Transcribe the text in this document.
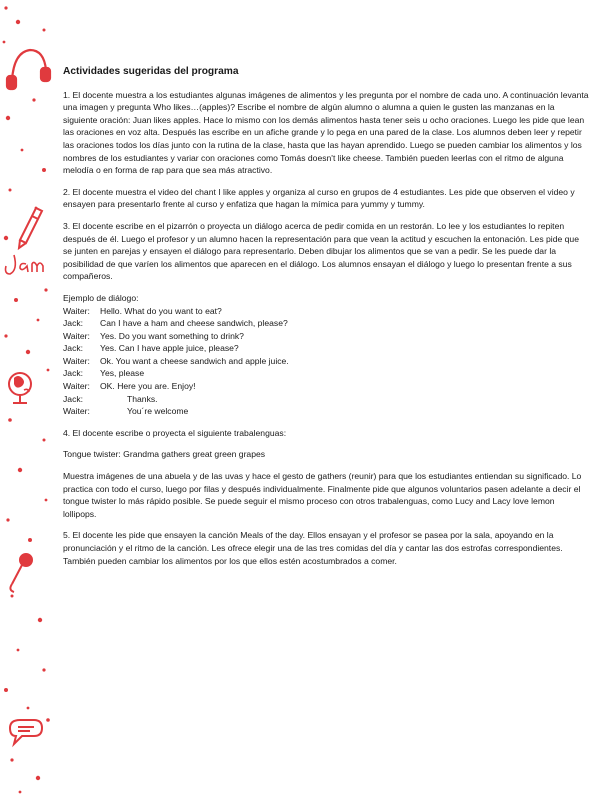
Actividades sugeridas del programa

1. El docente muestra a los estudiantes algunas imágenes de alimentos y les pregunta por el nombre de cada uno. A continuación levanta una imagen y pregunta Who likes…(apples)? Escribe el nombre de algún alumno o alumna a quien le gusten las manzanas en la siguiente oración: Juan likes apples. Hace lo mismo con los demás alimentos hasta tener seis u ocho oraciones. Luego les pide que lean las oraciones en voz alta. Después las escribe en un afiche grande y lo pega en una pared de la clase. Los alumnos deben leer y repetir las oraciones todos los días junto con la rutina de la clase, hasta que las hayan aprendido. Luego se pueden cambiar los alimentos y los nombres de los estudiantes y variar con oraciones como Tomás doesn't like cheese. También pueden leerlas con el ritmo de alguna melodía o en forma de rap para que sea más atractivo.

2. El docente muestra el video del chant I like apples y organiza al curso en grupos de 4 estudiantes. Les pide que observen el video y ensayen para presentarlo frente al curso y enfatiza que hagan la mímica para yummy y tummy.

3. El docente escribe en el pizarrón o proyecta un diálogo acerca de pedir comida en un restorán. Lo lee y los estudiantes lo repiten después de él. Luego el profesor y un alumno hacen la representación para que vean la actitud y escuchen la entonación. Les pide que se junten en parejas y ensayen el diálogo para representarlo. Deben dibujar los alimentos que se van a pedir. Se les puede dar la posibilidad de que varíen los alimentos que aparecen en el diálogo. Los alumnos ensayan el diálogo y luego lo presentan frente a sus compañeros.

Ejemplo de diálogo:
Waiter:	Hello. What do you want to eat?
Jack:	Can I have a ham and cheese sandwich, please?
Waiter:	Yes. Do you want something to drink?
Jack:	Yes. Can I have apple juice, please?
Waiter:	Ok. You want a cheese sandwich and apple juice.
Jack:	Yes, please
Waiter:	OK. Here you are. Enjoy!
Jack:	Thanks.
Waiter:	You´re welcome

4. El docente escribe o proyecta el siguiente trabalenguas:

Tongue twister: Grandma gathers great green grapes

Muestra imágenes de una abuela y de las uvas y hace el gesto de gathers (reunir) para que los estudiantes entiendan su significado. Lo practica con todo el curso, luego por filas y después individualmente. Finalmente pide que algunos voluntarios pasen adelante a decir el tongue twister lo más rápido posible. Se puede seguir el mismo proceso con otros trabalenguas, como Lucy and Lacy love lemon lollipops.

5. El docente les pide que ensayen la canción Meals of the day. Ellos ensayan y el profesor se pasea por la sala, apoyando en la pronunciación y el ritmo de la canción. Les ofrece elegir una de las tres comidas del día y cantar las dos estrofas correspondientes. También pueden cambiar los alimentos por los que ellos estén acostumbrados a comer.
